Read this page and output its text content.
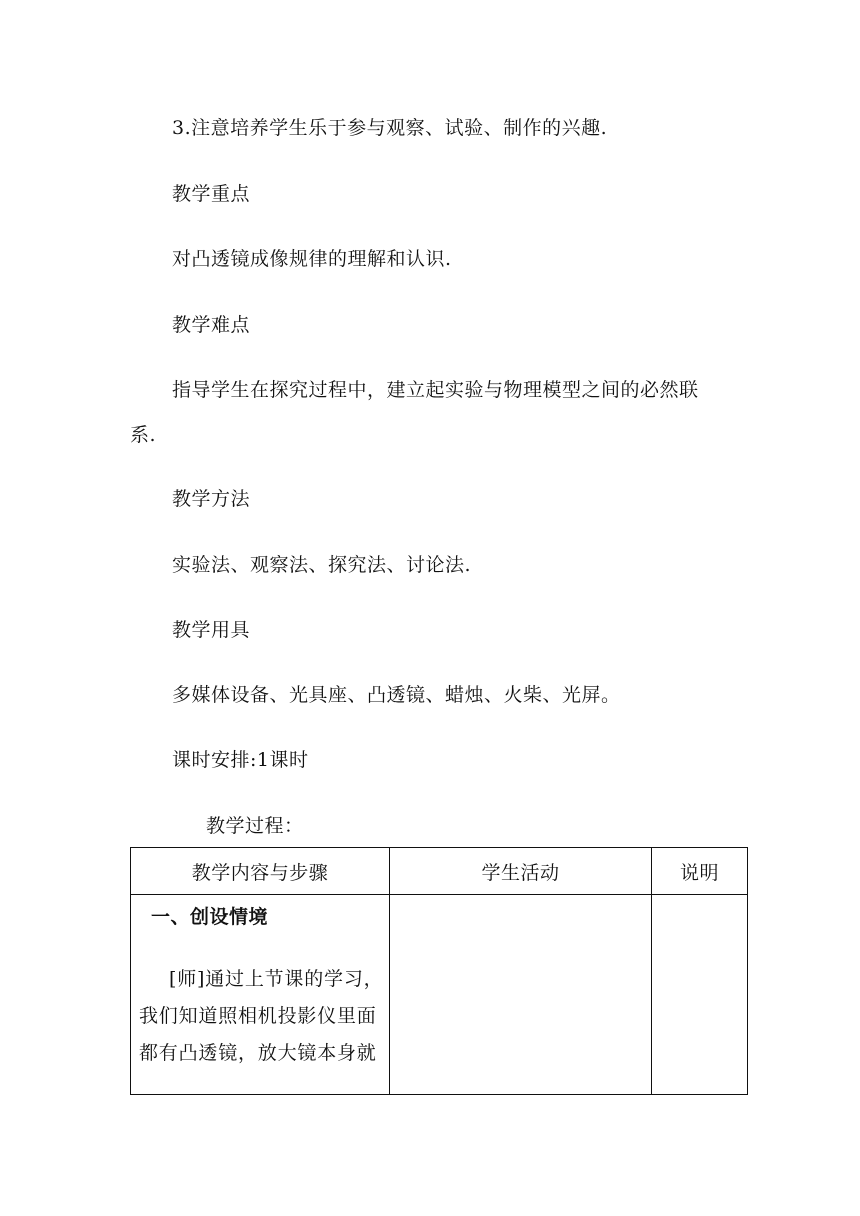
3.注意培养学生乐于参与观察、试验、制作的兴趣.
教学重点
对凸透镜成像规律的理解和认识.
教学难点
指导学生在探究过程中，建立起实验与物理模型之间的必然联
系.
教学方法
实验法、观察法、探究法、讨论法.
教学用具
多媒体设备、光具座、凸透镜、蜡烛、火柴、光屏。
课时安排:1课时
教学过程：
教学内容与步骤	学生活动	说明

一、创设情境
[师]通过上节课的学习，
我们知道照相机投影仪里面
都有凸透镜，放大镜本身就		
